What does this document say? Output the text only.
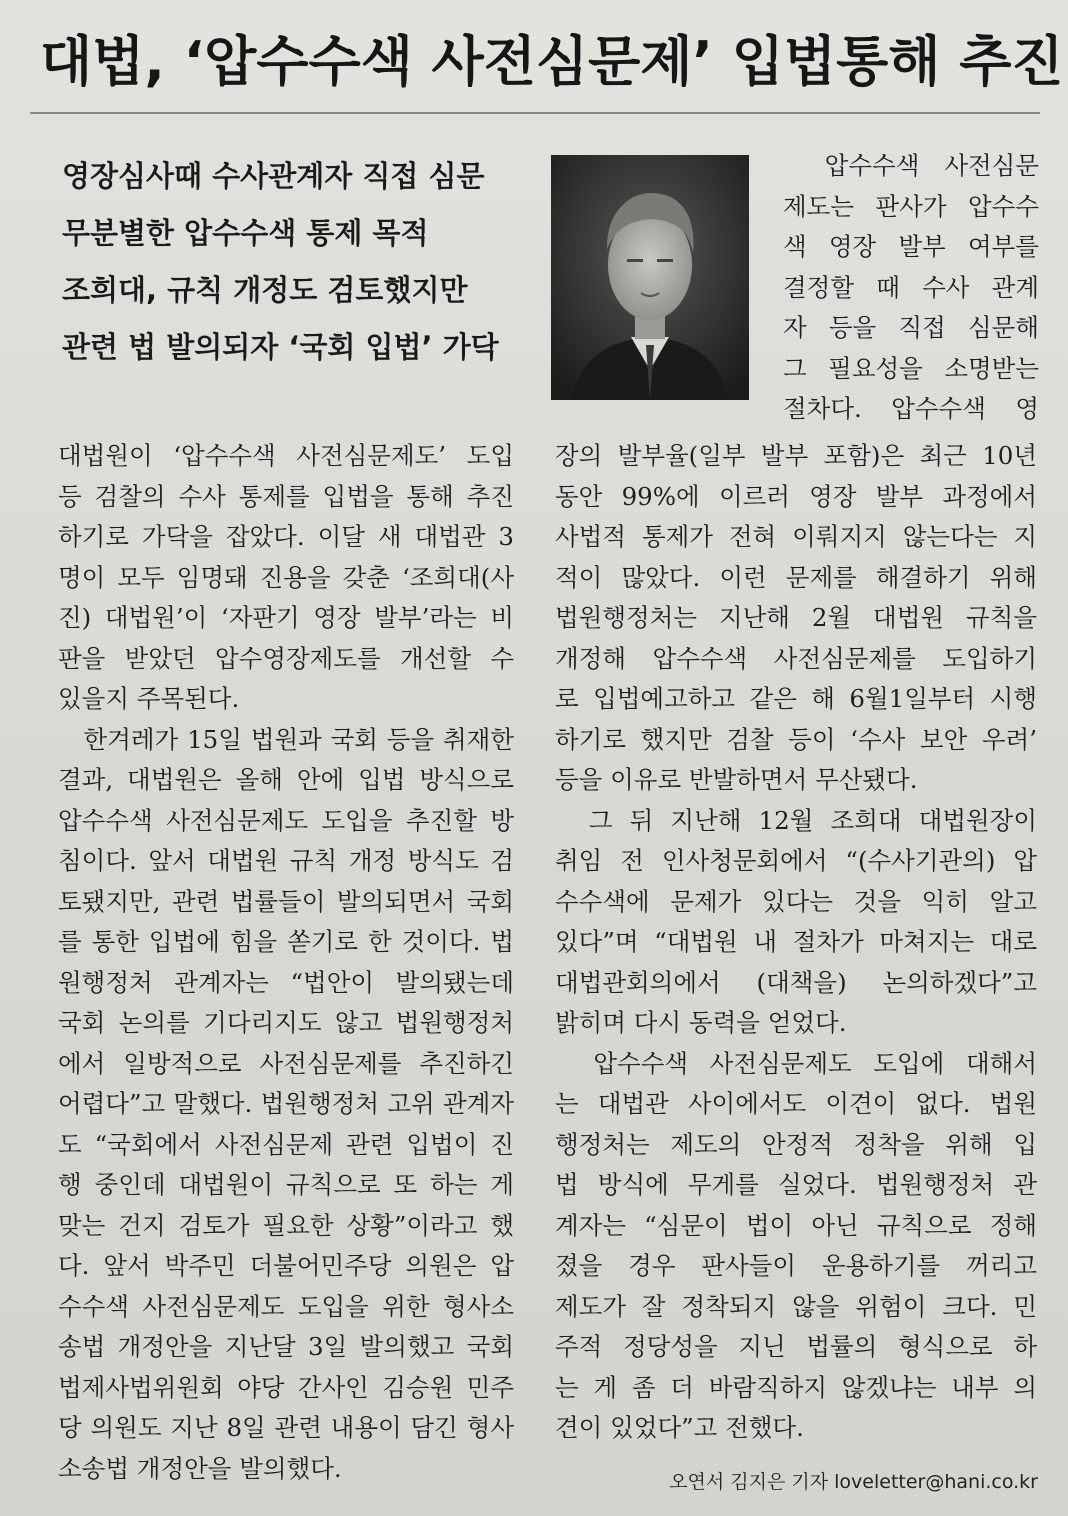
대법, ‘압수수색 사전심문제’ 입법통해 추진
영장심사때 수사관계자 직접 심문
무분별한 압수수색 통제 목적
조희대, 규칙 개정도 검토했지만
관련 법 발의되자 ‘국회 입법’ 가닥
　압수수색 사전심문
제도는 판사가 압수수
색 영장 발부 여부를
결정할 때 수사 관계
자 등을 직접 심문해
그 필요성을 소명받는
절차다. 압수수색 영
대법원이 ‘압수수색 사전심문제도’ 도입
등 검찰의 수사 통제를 입법을 통해 추진
하기로 가닥을 잡았다. 이달 새 대법관 3
명이 모두 임명돼 진용을 갖춘 ‘조희대(사
진) 대법원’이 ‘자판기 영장 발부’라는 비
판을 받았던 압수영장제도를 개선할 수
있을지 주목된다.
　한겨레가 15일 법원과 국회 등을 취재한
결과, 대법원은 올해 안에 입법 방식으로
압수수색 사전심문제도 도입을 추진할 방
침이다. 앞서 대법원 규칙 개정 방식도 검
토됐지만, 관련 법률들이 발의되면서 국회
를 통한 입법에 힘을 쏟기로 한 것이다. 법
원행정처 관계자는 “법안이 발의됐는데
국회 논의를 기다리지도 않고 법원행정처
에서 일방적으로 사전심문제를 추진하긴
어렵다”고 말했다. 법원행정처 고위 관계자
도 “국회에서 사전심문제 관련 입법이 진
행 중인데 대법원이 규칙으로 또 하는 게
맞는 건지 검토가 필요한 상황”이라고 했
다. 앞서 박주민 더불어민주당 의원은 압
수수색 사전심문제도 도입을 위한 형사소
송법 개정안을 지난달 3일 발의했고 국회
법제사법위원회 야당 간사인 김승원 민주
당 의원도 지난 8일 관련 내용이 담긴 형사
소송법 개정안을 발의했다.
장의 발부율(일부 발부 포함)은 최근 10년
동안 99%에 이르러 영장 발부 과정에서
사법적 통제가 전혀 이뤄지지 않는다는 지
적이 많았다. 이런 문제를 해결하기 위해
법원행정처는 지난해 2월 대법원 규칙을
개정해 압수수색 사전심문제를 도입하기
로 입법예고하고 같은 해 6월1일부터 시행
하기로 했지만 검찰 등이 ‘수사 보안 우려’
등을 이유로 반발하면서 무산됐다.
　그 뒤 지난해 12월 조희대 대법원장이
취임 전 인사청문회에서 “(수사기관의) 압
수수색에 문제가 있다는 것을 익히 알고
있다”며 “대법원 내 절차가 마쳐지는 대로
대법관회의에서 (대책을) 논의하겠다”고
밝히며 다시 동력을 얻었다.
　압수수색 사전심문제도 도입에 대해서
는 대법관 사이에서도 이견이 없다. 법원
행정처는 제도의 안정적 정착을 위해 입
법 방식에 무게를 실었다. 법원행정처 관
계자는 “심문이 법이 아닌 규칙으로 정해
졌을 경우 판사들이 운용하기를 꺼리고
제도가 잘 정착되지 않을 위험이 크다. 민
주적 정당성을 지닌 법률의 형식으로 하
는 게 좀 더 바람직하지 않겠냐는 내부 의
견이 있었다”고 전했다.
오연서 김지은 기자 loveletter@hani.co.kr
